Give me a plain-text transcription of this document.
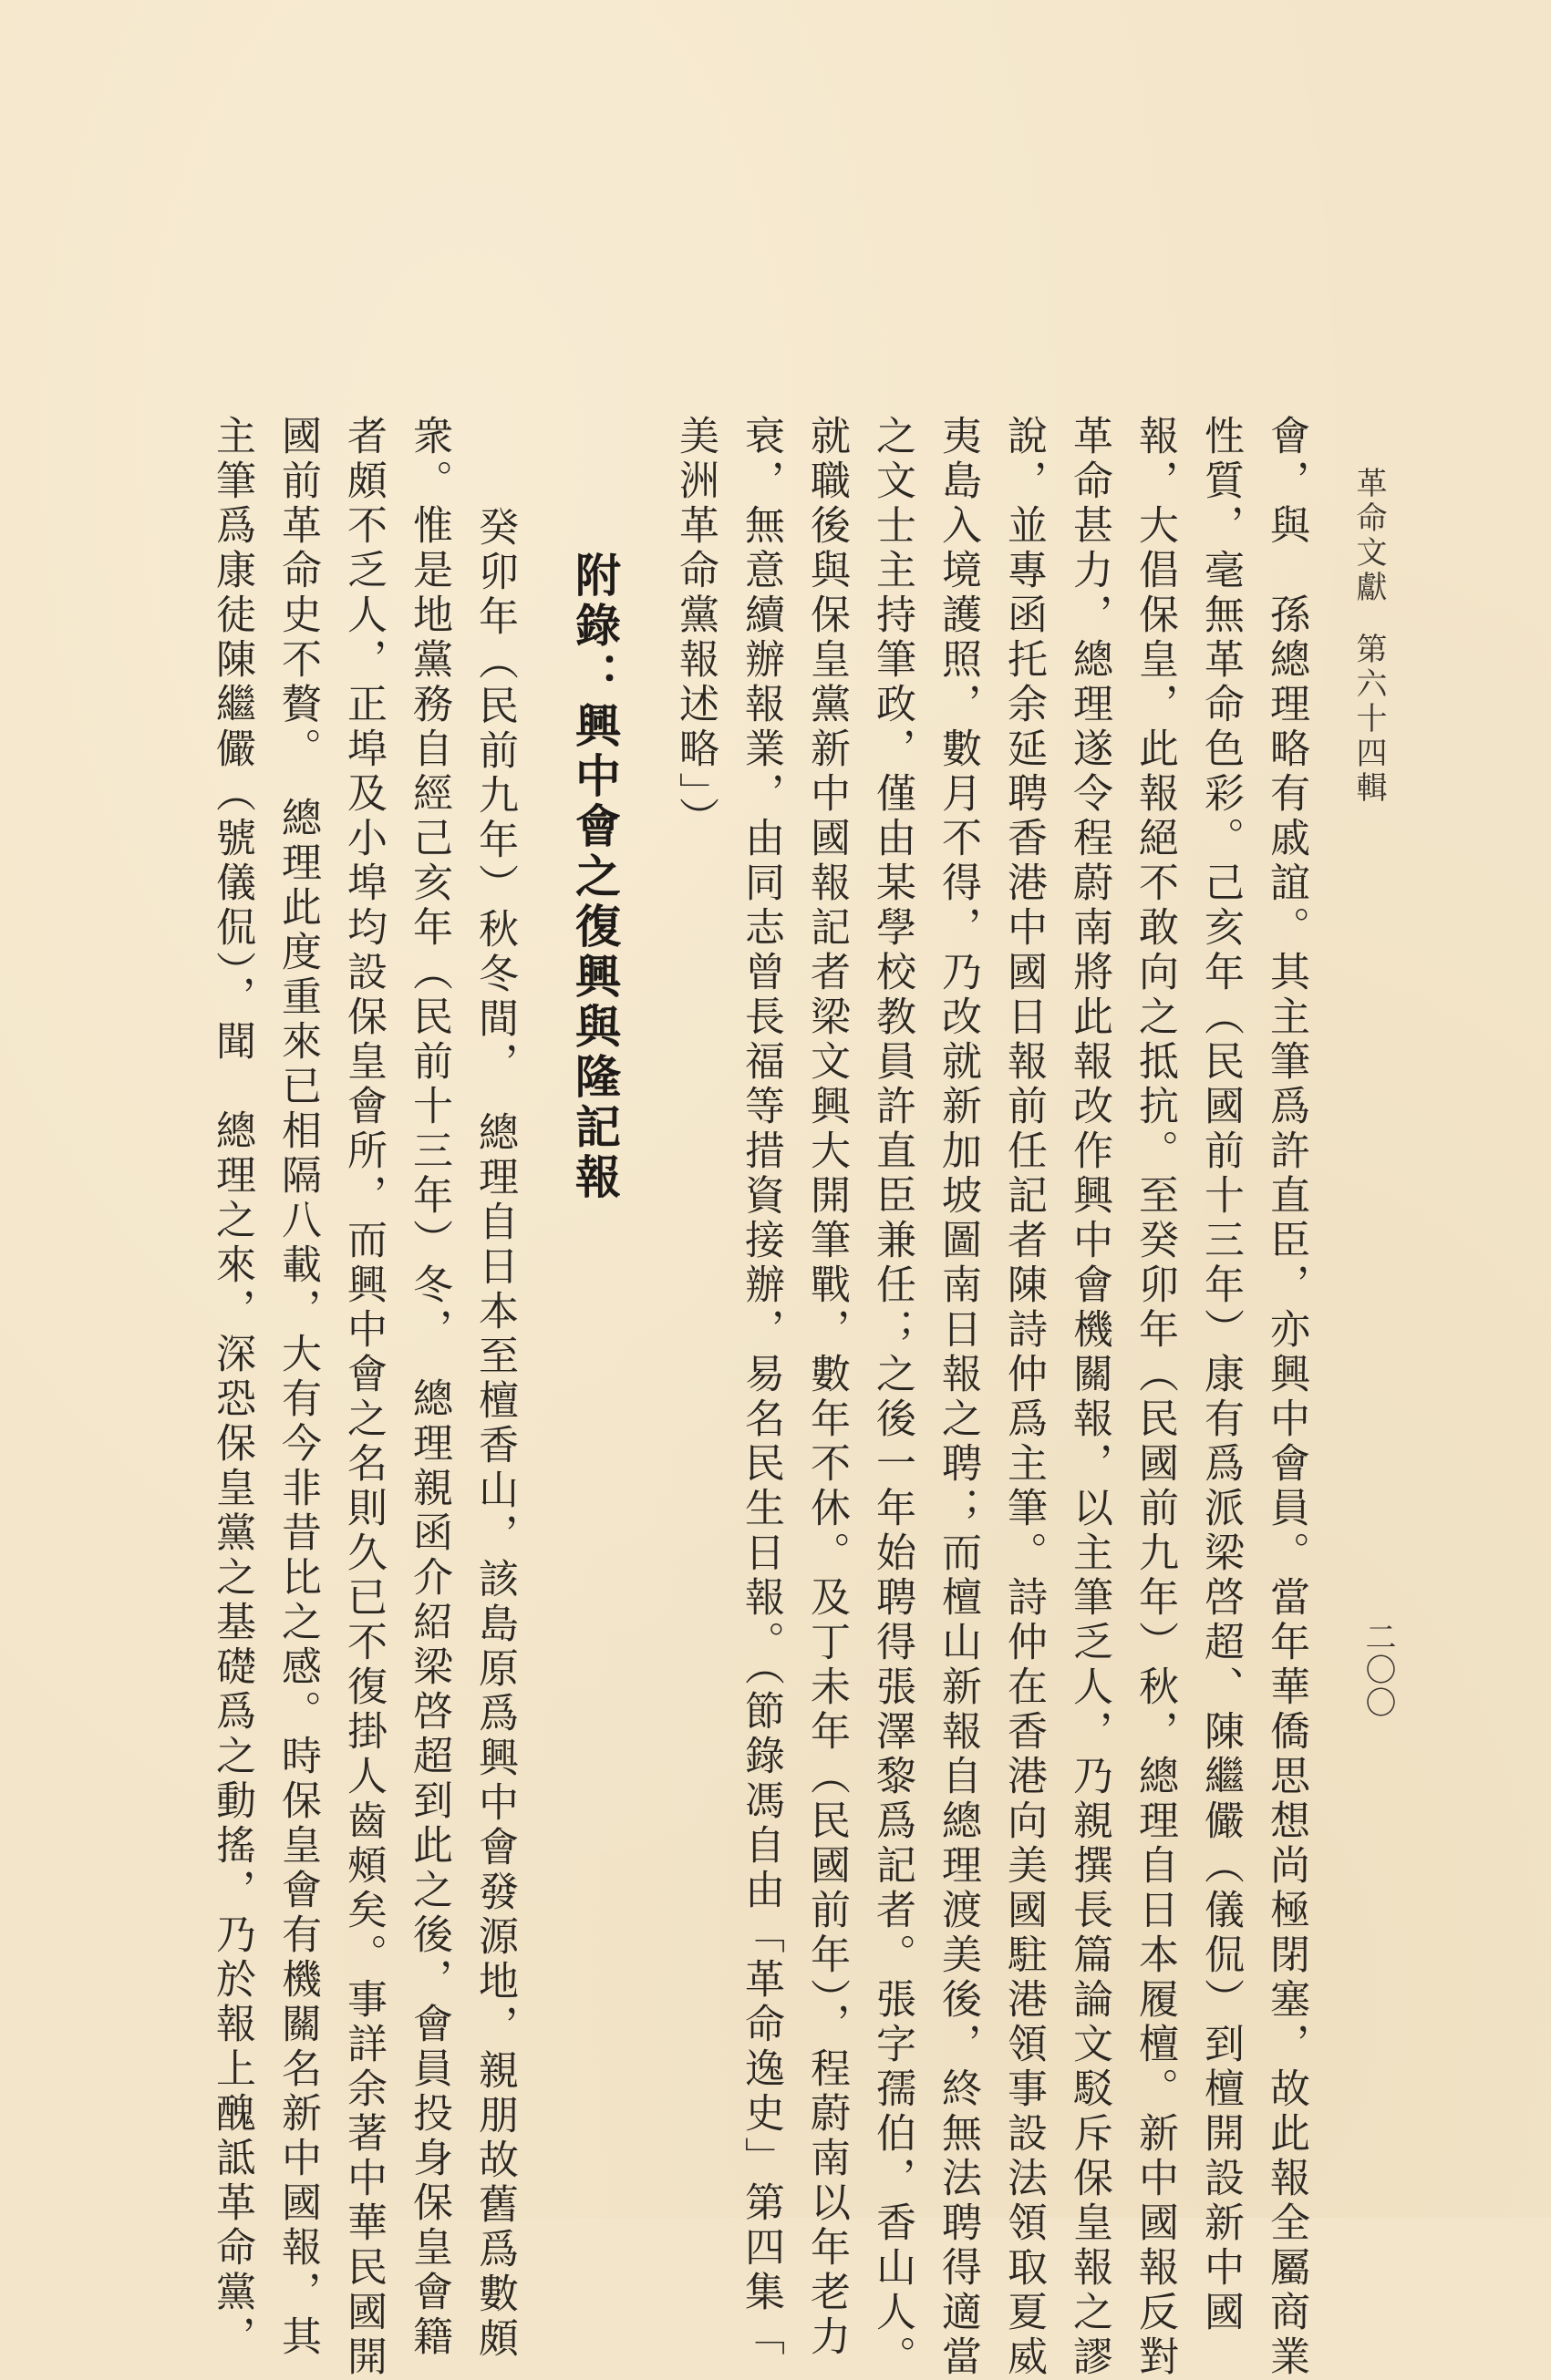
革命文獻第六十四輯
二〇〇
會，與　孫總理略有戚誼。其主筆爲許直臣，亦興中會員。當年華僑思想尚極閉塞，故此報全屬商業
性質，毫無革命色彩。己亥年（民國前十三年）康有爲派梁啓超、陳繼儼（儀侃）到檀開設新中國
報，大倡保皇，此報絕不敢向之抵抗。至癸卯年（民國前九年）秋，總理自日本履檀。新中國報反對
革命甚力，總理遂令程蔚南將此報改作興中會機關報，以主筆乏人，乃親撰長篇論文駁斥保皇報之謬
說，並專函托余延聘香港中國日報前任記者陳詩仲爲主筆。詩仲在香港向美國駐港領事設法領取夏威
夷島入境護照，數月不得，乃改就新加坡圖南日報之聘；而檀山新報自總理渡美後，終無法聘得適當
之文士主持筆政，僅由某學校教員許直臣兼任；之後一年始聘得張澤黎爲記者。張字孺伯，香山人。
就職後與保皇黨新中國報記者梁文興大開筆戰，數年不休。及丁未年（民國前年），程蔚南以年老力
衰，無意續辦報業，由同志曾長福等措資接辦，易名民生日報。（節錄馮自由「革命逸史」第四集「
美洲革命黨報述略」）
附錄：興中會之復興與隆記報
癸卯年（民前九年）秋冬間，　總理自日本至檀香山，該島原爲興中會發源地，親朋故舊爲數頗
衆。惟是地黨務自經己亥年（民前十三年）冬，　總理親函介紹梁啓超到此之後，會員投身保皇會籍
者頗不乏人，正埠及小埠均設保皇會所，而興中會之名則久已不復掛人齒頰矣。事詳余著中華民國開
國前革命史不贅。　總理此度重來已相隔八載，大有今非昔比之感。時保皇會有機關名新中國報，其
主筆爲康徒陳繼儼（號儀侃），聞　總理之來，深恐保皇黨之基礎爲之動搖，乃於報上醜詆革命黨，
